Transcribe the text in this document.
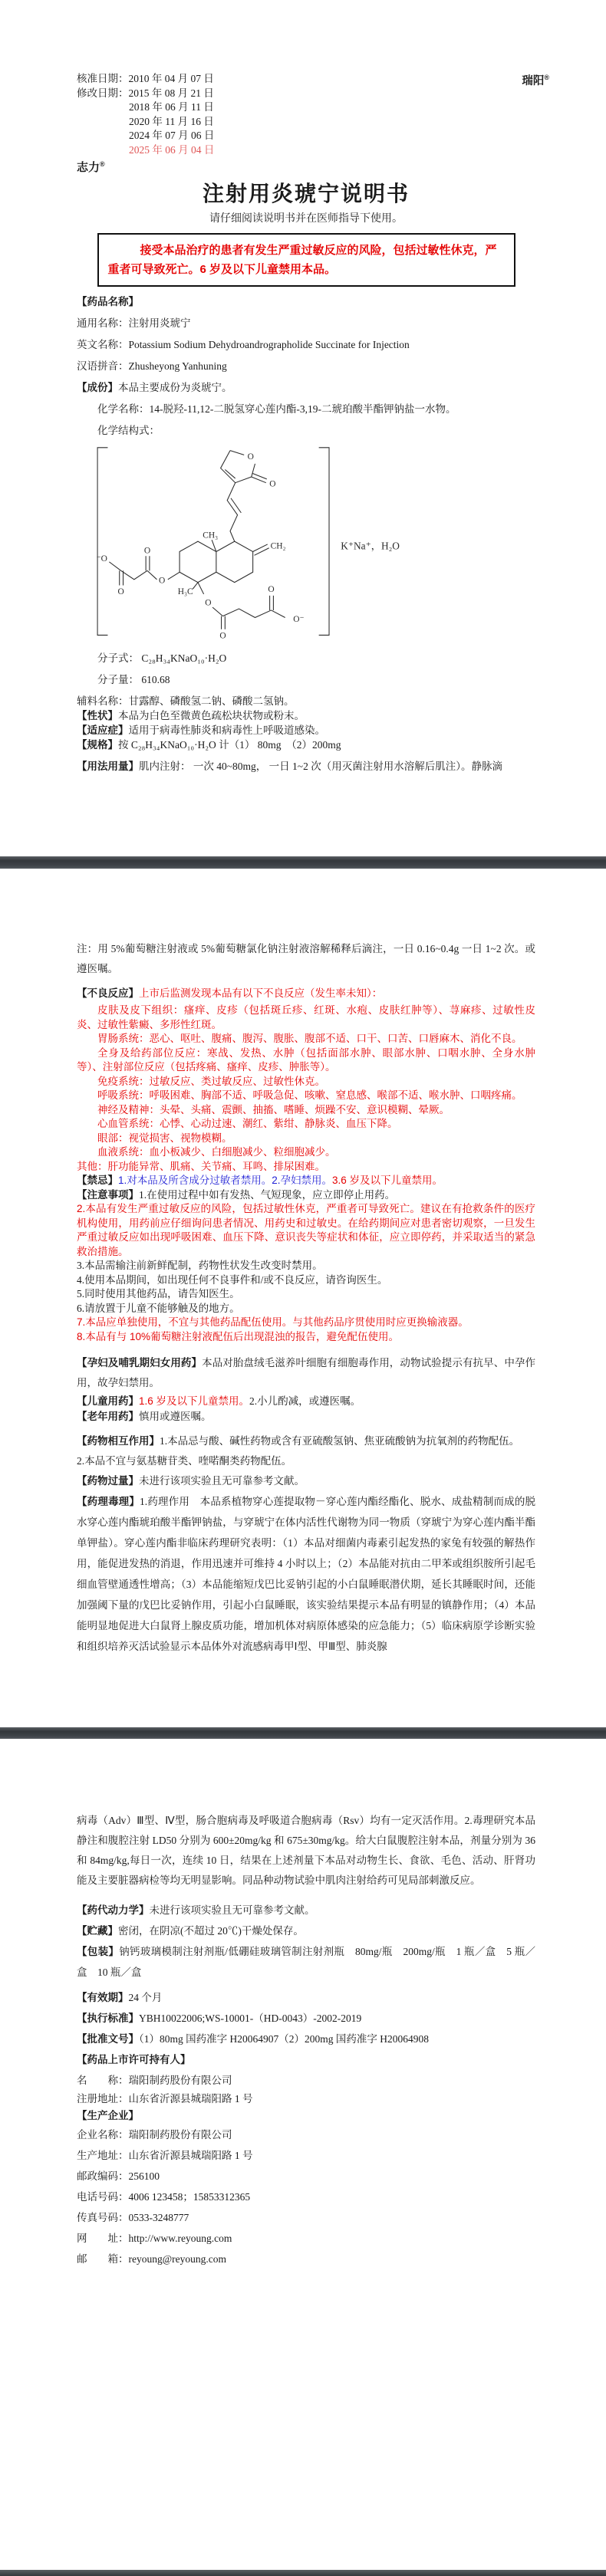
瑞阳®
核准日期：2010 年 04 月 07 日
修改日期：2015 年 08 月 21 日
2018 年 06 月 11 日
2020 年 11 月 16 日
2024 年 07 月 06 日
2025 年 06 月 04 日
志力®
注射用炎琥宁说明书
请仔细阅读说明书并在医师指导下使用。
接受本品治疗的患者有发生严重过敏反应的风险，包括过敏性休克，严重者可导致死亡。6 岁及以下儿童禁用本品。

【药品名称】

通用名称：注射用炎琥宁

英文名称：Potassium Sodium Dehydroandrographolide Succinate for Injection

汉语拼音：Zhusheyong Yanhuning

【成份】本品主要成份为炎琥宁。

化学名称：14-脱羟-11,12-二脱氢穿心莲内酯-3,19-二琥珀酸半酯钾钠盐一水物。

化学结构式：

O
O
CH₃
CH₂
H₃C
O
O
⁻O
O
O
O
O
O⁻
K⁺Na⁺，H₂O

分子式： C₂₈H₃₄KNaO₁₀·H₂O

分子量： 610.68

辅料名称：甘露醇、磷酸氢二钠、磷酸二氢钠。

【性状】本品为白色至微黄色疏松块状物或粉末。

【适应症】适用于病毒性肺炎和病毒性上呼吸道感染。

【规格】按 C₂₈H₃₄KNaO₁₀·H₂O 计（1） 80mg　（2）200mg

【用法用量】肌内注射： 一次 40~80mg， 一日 1~2 次（用灭菌注射用水溶解后肌注）。静脉滴

注：用 5%葡萄糖注射液或 5%葡萄糖氯化钠注射液溶解稀释后滴注，一日 0.16~0.4g 一日 1~2 次。或遵医嘱。

【不良反应】上市后监测发现本品有以下不良反应（发生率未知）：

皮肤及皮下组织：瘙痒、皮疹（包括斑丘疹、红斑、水疱、皮肤红肿等）、荨麻疹、过敏性皮炎、过敏性紫癜、多形性红斑。

胃肠系统：恶心、呕吐、腹痛、腹泻、腹胀、腹部不适、口干、口苦、口唇麻木、消化不良。

全身及给药部位反应：寒战、发热、水肿（包括面部水肿、眼部水肿、口咽水肿、全身水肿等）、注射部位反应（包括疼痛、瘙痒、皮疹、肿胀等）。

免疫系统：过敏反应、类过敏反应、过敏性休克。

呼吸系统：呼吸困难、胸部不适、呼吸急促、咳嗽、窒息感、喉部不适、喉水肿、口咽疼痛。

神经及精神：头晕、头痛、震颤、抽搐、嗜睡、烦躁不安、意识模糊、晕厥。

心血管系统：心悸、心动过速、潮红、紫绀、静脉炎、血压下降。

眼部：视觉损害、视物模糊。

血液系统：血小板减少、白细胞减少、粒细胞减少。

其他：肝功能异常、肌痛、关节痛、耳鸣、排尿困难。

【禁忌】1.对本品及所含成分过敏者禁用。2.孕妇禁用。3.6 岁及以下儿童禁用。

【注意事项】1.在使用过程中如有发热、气短现象，应立即停止用药。

2.本品有发生严重过敏反应的风险，包括过敏性休克，严重者可导致死亡。建议在有抢救条件的医疗机构使用，用药前应仔细询问患者情况、用药史和过敏史。在给药期间应对患者密切观察，一旦发生严重过敏反应如出现呼吸困难、血压下降、意识丧失等症状和体征，应立即停药，并采取适当的紧急救治措施。

3.本品需输注前新鲜配制，药物性状发生改变时禁用。

4.使用本品期间，如出现任何不良事件和/或不良反应，请咨询医生。

5.同时使用其他药品，请告知医生。

6.请放置于儿童不能够触及的地方。

7.本品应单独使用，不宜与其他药品配伍使用。与其他药品序贯使用时应更换输液器。

8.本品有与 10%葡萄糖注射液配伍后出现混浊的报告，避免配伍使用。

【孕妇及哺乳期妇女用药】本品对胎盘绒毛滋养叶细胞有细胞毒作用，动物试验提示有抗早、中孕作用，故孕妇禁用。

【儿童用药】1.6 岁及以下儿童禁用。2.小儿酌减，或遵医嘱。

【老年用药】慎用或遵医嘱。

【药物相互作用】1.本品忌与酸、碱性药物或含有亚硫酸氢钠、焦亚硫酸钠为抗氧剂的药物配伍。

2.本品不宜与氨基糖苷类、喹喏酮类药物配伍。

【药物过量】未进行该项实验且无可靠参考文献。

【药理毒理】1.药理作用　本品系植物穿心莲提取物－穿心莲内酯经酯化、脱水、成盐精制而成的脱水穿心莲内酯琥珀酸半酯钾钠盐，与穿琥宁在体内活性代谢物为同一物质（穿琥宁为穿心莲内酯半酯单钾盐）。穿心莲内酯非临床药理研究表明：（1）本品对细菌内毒素引起发热的家兔有较强的解热作用，能促进发热的消退，作用迅速并可维持 4 小时以上；（2）本品能对抗由二甲苯或组织胺所引起毛细血管壁通透性增高；（3）本品能缩短戊巴比妥钠引起的小白鼠睡眠潜伏期，延长其睡眠时间，还能加强阈下量的戊巴比妥钠作用，引起小白鼠睡眠，该实验结果提示本品有明显的镇静作用；（4）本品能明显地促进大白鼠肾上腺皮质功能，增加机体对病原体感染的应急能力；（5）临床病原学诊断实验和组织培养灭活试验显示本品体外对流感病毒甲Ⅰ型、甲Ⅲ型、肺炎腺

病毒（Adv）Ⅲ型、Ⅳ型，肠合胞病毒及呼吸道合胞病毒（Rsv）均有一定灭活作用。2.毒理研究本品静注和腹腔注射 LD50 分别为 600±20mg/kg 和 675±30mg/kg。给大白鼠腹腔注射本品，剂量分别为 36 和 84mg/kg,每日一次，连续 10 日，结果在上述剂量下本品对动物生长、食欲、毛色、活动、肝肾功能及主要脏器病检等均无明显影响。同品种动物试验中肌肉注射给药可见局部刺激反应。

【药代动力学】未进行该项实验且无可靠参考文献。

【贮藏】密闭，在阴凉(不超过 20℃)干燥处保存。

【包装】钠钙玻璃模制注射剂瓶/低硼硅玻璃管制注射剂瓶　80mg/瓶　200mg/瓶　1 瓶／盒　5 瓶／盒　10 瓶／盒

【有效期】24 个月

【执行标准】YBH10022006;WS-10001-（HD-0043）-2002-2019

【批准文号】（1）80mg 国药准字 H20064907（2）200mg 国药准字 H20064908

【药品上市许可持有人】

名　　称：瑞阳制药股份有限公司

注册地址：山东省沂源县城瑞阳路 1 号

【生产企业】

企业名称：瑞阳制药股份有限公司

生产地址：山东省沂源县城瑞阳路 1 号

邮政编码：256100

电话号码：4006 123458；15853312365

传真号码：0533-3248777

网　　址：http://www.reyoung.com

邮　　箱：reyoung@reyoung.com
